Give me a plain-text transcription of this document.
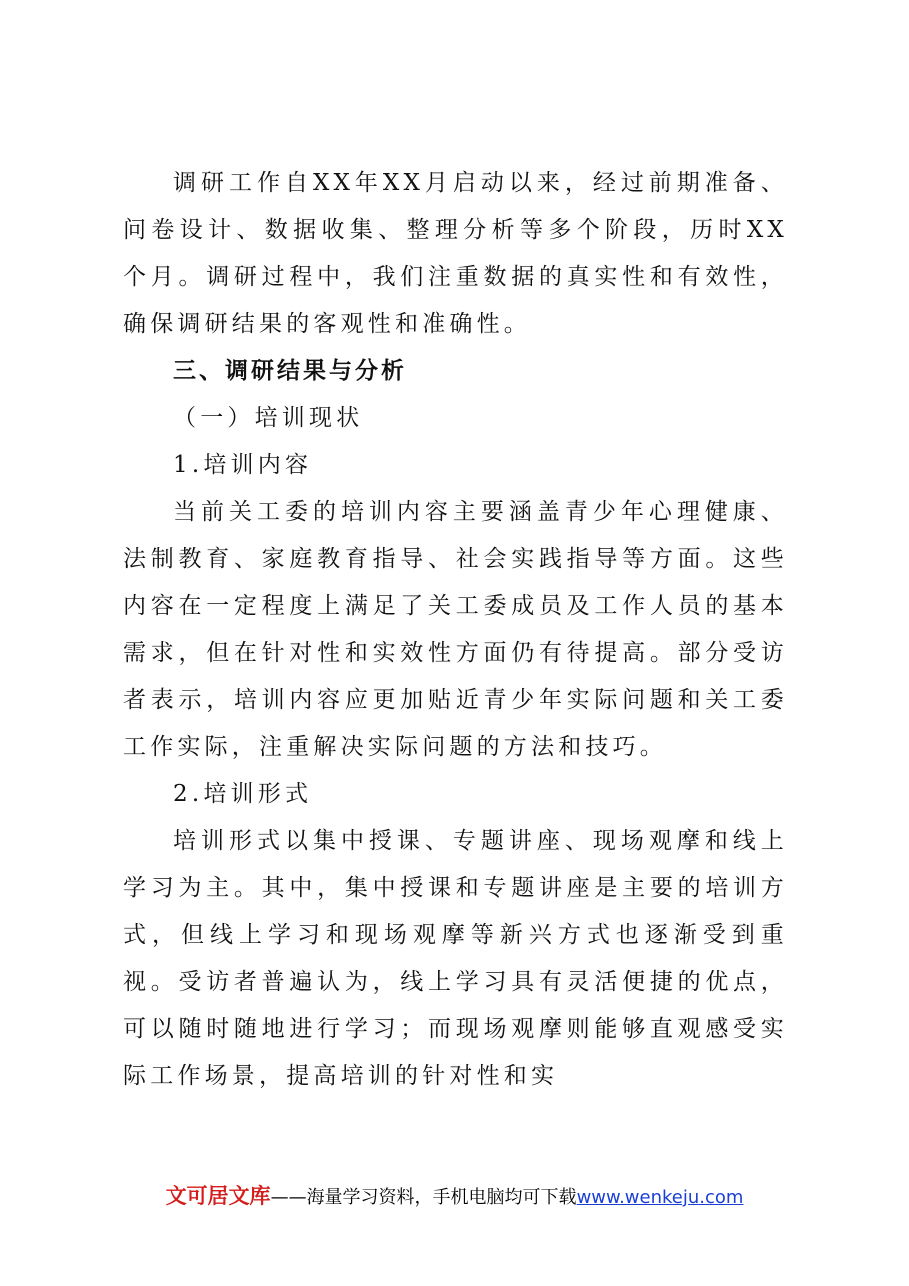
调研工作自XX年XX月启动以来，经过前期准备、问卷设计、数据收集、整理分析等多个阶段，历时XX个月。调研过程中，我们注重数据的真实性和有效性，确保调研结果的客观性和准确性。

三、调研结果与分析

（一）培训现状

1.培训内容

当前关工委的培训内容主要涵盖青少年心理健康、法制教育、家庭教育指导、社会实践指导等方面。这些内容在一定程度上满足了关工委成员及工作人员的基本需求，但在针对性和实效性方面仍有待提高。部分受访者表示，培训内容应更加贴近青少年实际问题和关工委工作实际，注重解决实际问题的方法和技巧。

2.培训形式

培训形式以集中授课、专题讲座、现场观摩和线上学习为主。其中，集中授课和专题讲座是主要的培训方式，但线上学习和现场观摩等新兴方式也逐渐受到重视。受访者普遍认为，线上学习具有灵活便捷的优点，可以随时随地进行学习；而现场观摩则能够直观感受实际工作场景，提高培训的针对性和实

文可居文库——海量学习资料，手机电脑均可下载www.wenkeju.com
